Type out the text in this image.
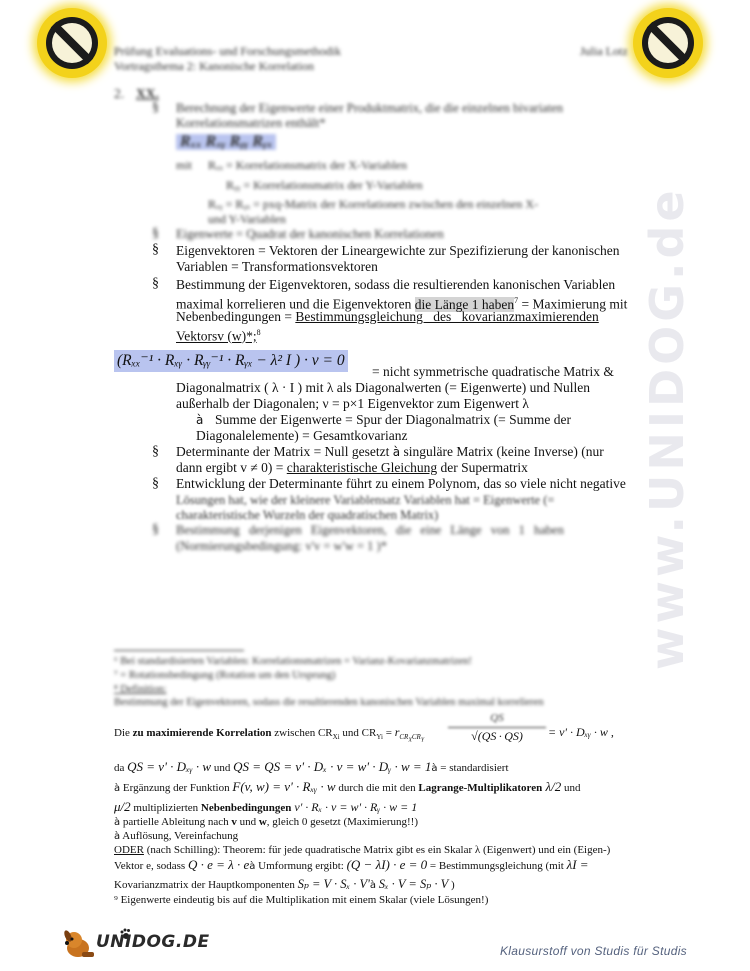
www.UNIDOG.de
Prüfung Evaluations- und Forschungsmethodik
Vortragsthema 2: Kanonische Korrelation
Julia Lotz
2. XX.
§ Berechnung der Eigenwerte einer Produktmatrix, die die einzelnen bivariaten
Korrelationsmatrizen enthält*
Rₓₓ Rₓᵧ Rᵧᵧ Rᵧₓ
mit Rₓₓ = Korrelationsmatrix der X-Variablen
Rᵧᵧ = Korrelationsmatrix der Y-Variablen
Rₓᵧ = Rᵧₓ = pxq-Matrix der Korrelationen zwischen den einzelnen X-
und Y-Variablen
§ Eigenwerte = Quadrat der kanonischen Korrelationen
§ Eigenvektoren = Vektoren der Lineargewichte zur Spezifizierung der kanonischen
Variablen = Transformationsvektoren
§ Bestimmung der Eigenvektoren, sodass die resultierenden kanonischen Variablen
maximal korrelieren und die Eigenvektoren die Länge 1 haben$^7$ = Maximierung mit
Nebenbedingungen = Bestimmungsgleichung des kovarianzmaximierenden
Vektorsv (w)*;$^8$
(Rₓₓ⁻¹ · Rₓᵧ · Rᵧᵧ⁻¹ · Rᵧₓ − λ² I ) · v = 0
= nicht symmetrische quadratische Matrix &
Diagonalmatrix ( λ · I ) mit λ als Diagonalwerten (= Eigenwerte) und Nullen
außerhalb der Diagonalen; ν = p×1 Eigenvektor zum Eigenwert λ
à Summe der Eigenwerte = Spur der Diagonalmatrix (= Summe der
Diagonalelemente) = Gesamtkovarianz
§ Determinante der Matrix = Null gesetzt à singuläre Matrix (keine Inverse) (nur
dann ergibt v ≠ 0) = charakteristische Gleichung der Supermatrix
§ Entwicklung der Determinante führt zu einem Polynom, das so viele nicht negative
Lösungen hat, wie der kleinere Variablensatz Variablen hat = Eigenwerte (=
charakteristische Wurzeln der quadratischen Matrix)
§ Bestimmung derjenigen Eigenvektoren, die eine Länge von 1 haben
(Normierungsbedingung: v'v = w'w = 1 )*
⁶ Bei standardisierten Variablen: Korrelationsmatrizen = Varianz-Kovarianzmatrizen!
⁷ = Rotationsbedingung (Rotation um den Ursprung)
⁸ Definition:
Bestimmung der Eigenvektoren, sodass die resultierenden kanonischen Variablen maximal korrelieren
Die zu maximierende Korrelation zwischen $CR_{Xi}$ und $CR_{Yi} = r_{CR_XCR_Y} \frac{QS}{√(QS \cdot QS)} = v'$ · Dₓᵧ · w ,
da QS = v' · Dₓᵧ · w und QS = QS = v' · Dₓ · v = w' · Dᵧ · w = 1à = standardisiert
à Ergänzung der Funktion F(v, w) = v' · Rₓᵧ · w durch die mit den Lagrange-Multiplikatoren λ/2 und
μ/2 multiplizierten Nebenbedingungen v' · Rₓ · v = w' · Rᵧ · w = 1
à partielle Ableitung nach v und w, gleich 0 gesetzt (Maximierung!!)
à Auflösung, Vereinfachung
ODER (nach Schilling): Theorem: für jede quadratische Matrix gibt es ein Skalar λ (Eigenwert) und ein (Eigen-)
Vektor e, sodass Q · e = λ · eà Umformung ergibt: (Q − λI) · e = 0 = Bestimmungsgleichung (mit λI =
Kovarianzmatrix der Hauptkomponenten Sₚ = V · Sₓ · V'à Sₓ · V = Sₚ · V )
⁹ Eigenwerte eindeutig bis auf die Multiplikation mit einem Skalar (viele Lösungen!)
UNIDOG.DE	Klausurstoff von Studis für Studis
